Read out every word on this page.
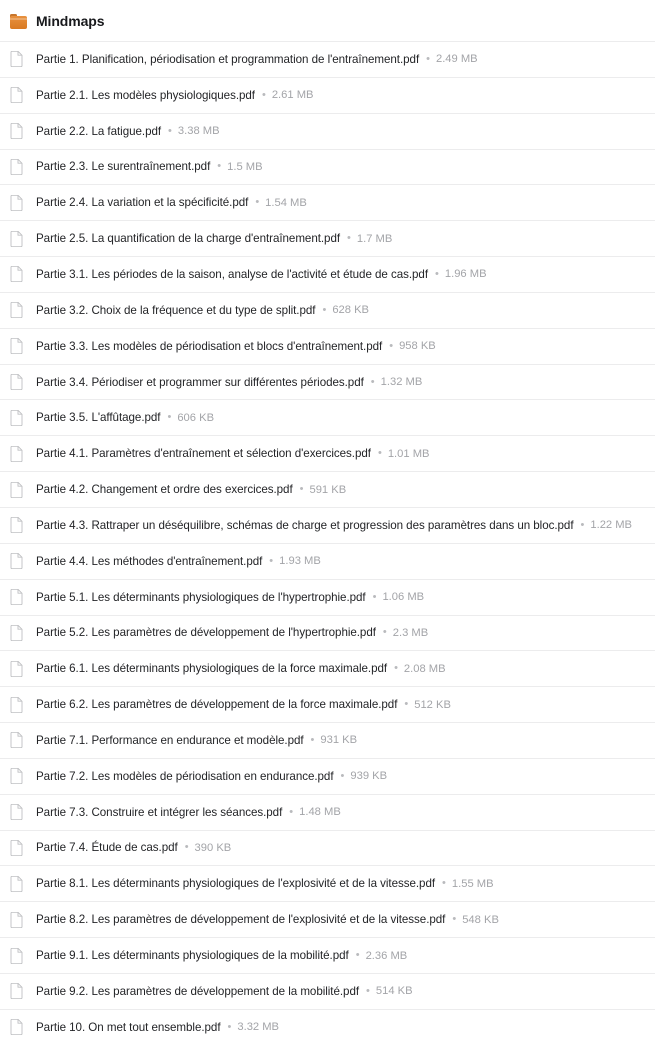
Mindmaps
Partie 1. Planification, périodisation et programmation de l'entraînement.pdf • 2.49 MB
Partie 2.1. Les modèles physiologiques.pdf • 2.61 MB
Partie 2.2. La fatigue.pdf • 3.38 MB
Partie 2.3. Le surentraînement.pdf • 1.5 MB
Partie 2.4. La variation et la spécificité.pdf • 1.54 MB
Partie 2.5. La quantification de la charge d'entraînement.pdf • 1.7 MB
Partie 3.1. Les périodes de la saison, analyse de l'activité et étude de cas.pdf • 1.96 MB
Partie 3.2. Choix de la fréquence et du type de split.pdf • 628 KB
Partie 3.3. Les modèles de périodisation et blocs d'entraînement.pdf • 958 KB
Partie 3.4. Périodiser et programmer sur différentes périodes.pdf • 1.32 MB
Partie 3.5. L'affûtage.pdf • 606 KB
Partie 4.1. Paramètres d'entraînement et sélection d'exercices.pdf • 1.01 MB
Partie 4.2. Changement et ordre des exercices.pdf • 591 KB
Partie 4.3. Rattraper un déséquilibre, schémas de charge et progression des paramètres dans un bloc.pdf • 1.22 MB
Partie 4.4. Les méthodes d'entraînement.pdf • 1.93 MB
Partie 5.1. Les déterminants physiologiques de l'hypertrophie.pdf • 1.06 MB
Partie 5.2. Les paramètres de développement de l'hypertrophie.pdf • 2.3 MB
Partie 6.1. Les déterminants physiologiques de la force maximale.pdf • 2.08 MB
Partie 6.2. Les paramètres de développement de la force maximale.pdf • 512 KB
Partie 7.1. Performance en endurance et modèle.pdf • 931 KB
Partie 7.2. Les modèles de périodisation en endurance.pdf • 939 KB
Partie 7.3. Construire et intégrer les séances.pdf • 1.48 MB
Partie 7.4. Étude de cas.pdf • 390 KB
Partie 8.1. Les déterminants physiologiques de l'explosivité et de la vitesse.pdf • 1.55 MB
Partie 8.2. Les paramètres de développement de l'explosivité et de la vitesse.pdf • 548 KB
Partie 9.1. Les déterminants physiologiques de la mobilité.pdf • 2.36 MB
Partie 9.2. Les paramètres de développement de la mobilité.pdf • 514 KB
Partie 10. On met tout ensemble.pdf • 3.32 MB
